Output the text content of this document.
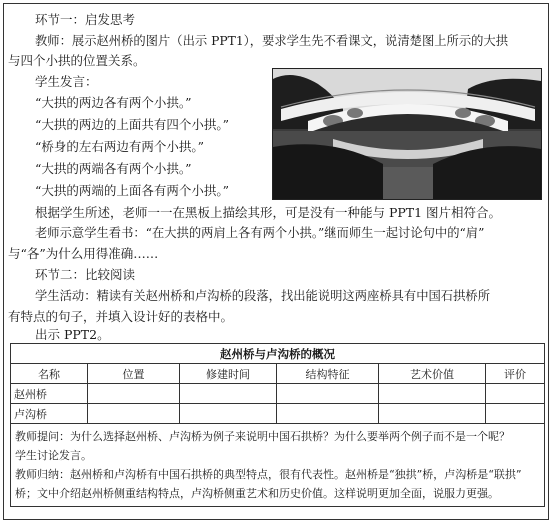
环节一：启发思考
教师：展示赵州桥的图片（出示 PPT1），要求学生先不看课文，说清楚图上所示的大拱
与四个小拱的位置关系。
学生发言：
“大拱的两边各有两个小拱。”
“大拱的两边的上面共有四个小拱。”
“桥身的左右两边有两个小拱。”
“大拱的两端各有两个小拱。”
“大拱的两端的上面各有两个小拱。”
根据学生所述，老师一一在黑板上描绘其形，可是没有一种能与 PPT1 图片相符合。
老师示意学生看书：“在大拱的两肩上各有两个小拱。”继而师生一起讨论句中的“肩”
与“各”为什么用得准确……
环节二：比较阅读
学生活动：精读有关赵州桥和卢沟桥的段落，找出能说明这两座桥具有中国石拱桥所
有特点的句子，并填入设计好的表格中。
出示 PPT2。
赵州桥与卢沟桥的概况					
名称	位置	修建时间	结构特征	艺术价值	评价
赵州桥					
卢沟桥					

教师提问：为什么选择赵州桥、卢沟桥为例子来说明中国石拱桥？为什么要举两个例子而不是一个呢？
学生讨论发言。
教师归纳：赵州桥和卢沟桥有中国石拱桥的典型特点，很有代表性。赵州桥是“独拱”桥，卢沟桥是“联拱”
桥；文中介绍赵州桥侧重结构特点，卢沟桥侧重艺术和历史价值。这样说明更加全面，说服力更强。					
